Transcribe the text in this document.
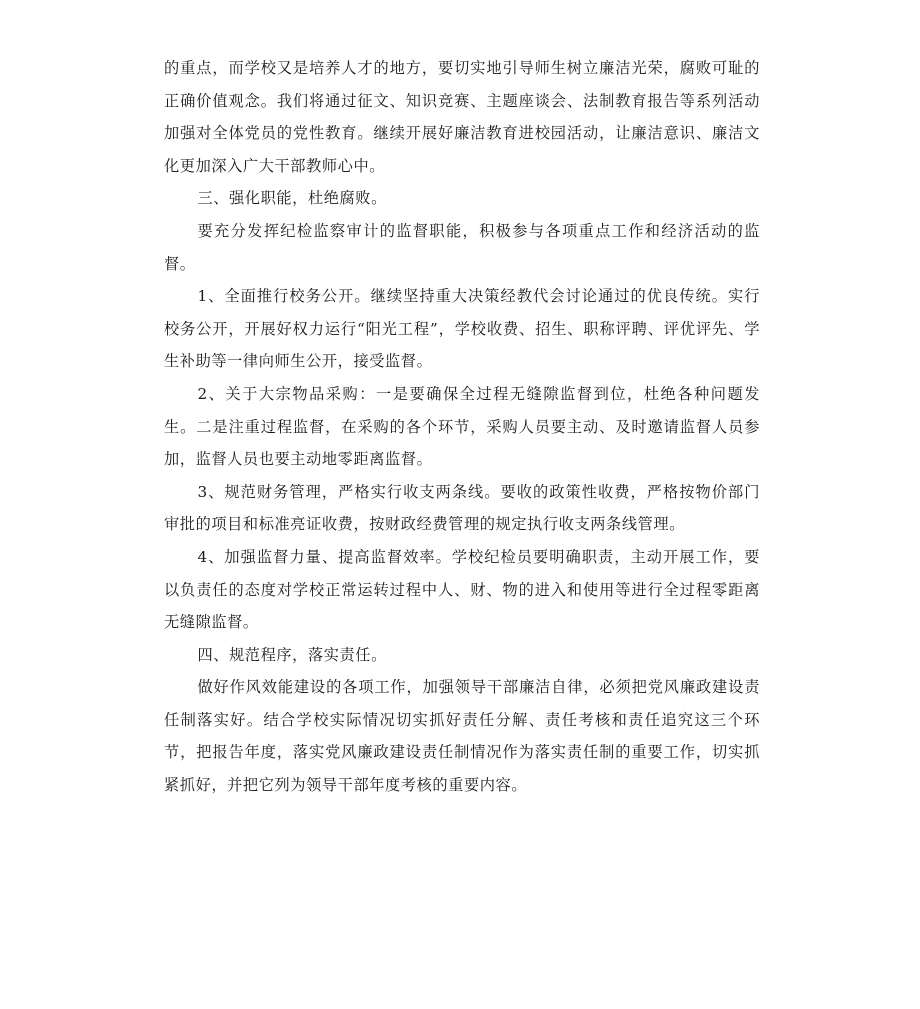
的重点，而学校又是培养人才的地方，要切实地引导师生树立廉洁光荣，腐败可耻的正确价值观念。我们将通过征文、知识竞赛、主题座谈会、法制教育报告等系列活动加强对全体党员的党性教育。继续开展好廉洁教育进校园活动，让廉洁意识、廉洁文化更加深入广大干部教师心中。

三、强化职能，杜绝腐败。

要充分发挥纪检监察审计的监督职能，积极参与各项重点工作和经济活动的监督。

1、全面推行校务公开。继续坚持重大决策经教代会讨论通过的优良传统。实行校务公开，开展好权力运行“阳光工程”，学校收费、招生、职称评聘、评优评先、学生补助等一律向师生公开，接受监督。

2、关于大宗物品采购：一是要确保全过程无缝隙监督到位，杜绝各种问题发生。二是注重过程监督，在采购的各个环节，采购人员要主动、及时邀请监督人员参加，监督人员也要主动地零距离监督。

3、规范财务管理，严格实行收支两条线。要收的政策性收费，严格按物价部门审批的项目和标准亮证收费，按财政经费管理的规定执行收支两条线管理。

4、加强监督力量、提高监督效率。学校纪检员要明确职责，主动开展工作，要以负责任的态度对学校正常运转过程中人、财、物的进入和使用等进行全过程零距离无缝隙监督。

四、规范程序，落实责任。

做好作风效能建设的各项工作，加强领导干部廉洁自律，必须把党风廉政建设责任制落实好。结合学校实际情况切实抓好责任分解、责任考核和责任追究这三个环节，把报告年度，落实党风廉政建设责任制情况作为落实责任制的重要工作，切实抓紧抓好，并把它列为领导干部年度考核的重要内容。
